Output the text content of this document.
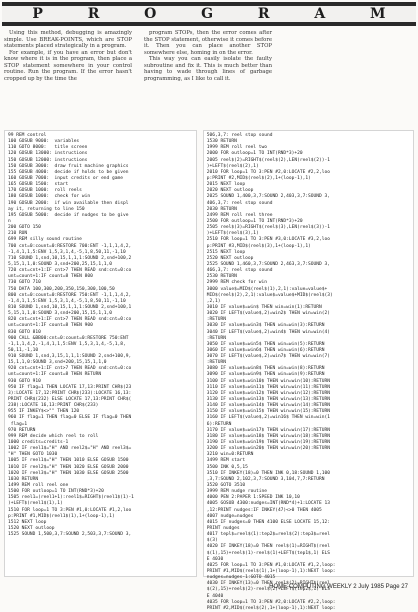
P	R	O	G	R	A	M

Using this method, debugging is amazingly simple. Use BREAK-POINTS, which are STOP statements placed strategically in a program.

For example, if you have an error but don't know where it is in the program, then place a STOP statement somewhere in your control routine. Run the program. If the error hasn't cropped up by the time the

program STOPs, then the error comes after the STOP statement, otherwise it comes before it. Then you can place another STOP somewhere else, homing in on the error.

This way you can easily isolate the faulty subroutine and fix it. This is much better than having to wade through lines of garbage programming, as I like to call it.

99 REM control
100 GOSUB 9000:  variables
110 GOTO 8000:   title screen
120 GOSUB 13000: instructions
150 GOSUB 12000: instructions
150 GOSUB 3000:  draw fruit machine graphics
155 GOSUB 4000:  decide if holds to be given
160 GOSUB 7000:  input credits or end game
165 GOSUB 1500:  start
170 GOSUB 1000:  roll reels
180 GOSUB 1000:  check for win
190 GOSUB 2000:  if win available then displ
ay it, returning to line 150
195 GOSUB 5000:  decide if nudges to be give
n
200 GOTO 150
210 RUN
699 REM silly sound routine
700 cnt=0:count=0:RESTORE 700:ENT -1,1,1,4,2,
-1,4,1,1,5:ENV 1,5,3,1,4,-5,1,8,50,11,-1,10
710 SOUND 1,snd,10,15,1,1,1:SOUND 2,snd+100,2
5,15,1,1,0:SOUND 3,snd+200,25,15,1,1,0
720 cnt=cnt+1:IF cnt>7 THEN READ snd:cnt=0:co
unt=count+1:IF count=8 THEN 800
730 GOTO 710
750 DATA 100,300,200,350,150,300,100,50
800 cnt=0:count=0:RESTORE 750:ENT -1,1,1,4,2,
-1,4,1,1,5:ENV 1,5,3,1,4,-5,1,8,50,11,-1,10
810 SOUND 1,snd,10,15,1,1,1:SOUND 2,snd+100,1
5,15,1,1,0:SOUND 3,snd+200,15,15,1,1,0
820 cnt=cnt+1:IF cnt>7 THEN READ snd:cnt=0:co
unt=count+1:IF count=8 THEN 900
830 GOTO 810
900 CALL &BB00:cnt=0:count=0:RESTORE 750:ENT
-1,1,1,4,2,-1,4,1,1,5:ENV 1,5,3,1,4,-5,1,8,
50,11,-1,10
910 SOUND 1,snd,3,15,1,1,1:SOUND 2,snd+100,9,
15,1,1,0:SOUND 3,snd+200,15,15,1,1,0
920 cnt=cnt+1:IF cnt>7 THEN READ snd:cnt=0:co
unt=count+1:IF count=8 THEN RETURN
930 GOTO 910
950 IF flag=1 THEN LOCATE 17,13:PRINT CHR$(23
3):LOCATE 17,12:PRINT CHR$(233):LOCATE 16,13:
PRINT CHR$(232) ELSE LOCATE 17,13:PRINT CHR$(
238):LOCATE 16,13:PRINT CHR$(233)
955 IF INKEY$<>"" THEN 120
960 IF flag=1 THEN flag=0 ELSE IF flag=0 THEN
flag=1
970 RETURN
999 REM decide which reel to roll
1000 credits=credits-1
1002 IF reel1$="H" AND reel2$="H" AND reel3$=
"H" THEN GOTO 1030
1005 IF reel1$="H" THEN 1010 ELSE GOSUB 1500
1010 IF reel2$="H" THEN 1020 ELSE GOSUB 2000
1020 IF reel3$="H" THEN 1030 ELSE GOSUB 2500
1030 RETURN
1499 REM roll reel one
1500 FOR outloop=1 TO INT(RND*3)+20
1505 reel1=(reel1+1):reel1$=RIGHT$(reel1$(1)-1
)+LEFT$(reel1$(1),1)
1510 FOR loop=1 TO 3:PEN #1,0:LOCATE #1,2,loo
p:PRINT #1,MID$(reel1$(1),1+(loop-1),1)
1512 NEXT loop
1520 NEXT outloop
1525 SOUND 1,500,3,7:SOUND 2,503,3,7:SOUND 3,
506,3,7: reel stop sound
1530 RETURN
1999 REM roll reel two
2000 FOR outloop=1 TO INT(RND*3)+20
2005 reel$(2)=RIGHT$(reel$(2),LEN(reel$(2))-1
)+LEFT$(reel$(2),1)
2010 FOR loop=1 TO 3:PEN #2,0:LOCATE #2,2,loo
p:PRINT #2,MID$(reel$(2),1+(loop-1),1)
2015 NEXT loop
2020 NEXT outloop
2025 SOUND 1,400,3,7:SOUND 2,403,3,7:SOUND 3,
406,3,7: reel stop sound
2030 RETURN
2499 REM roll reel three
2500 FOR outloop=1 TO INT(RND*3)+20
2505 reel$(3)=RIGHT$(reel$(3),LEN(reel$(3))-1
)+LEFT$(reel$(3),1)
2510 FOR loop=1 TO 3:PEN #3,0:LOCATE #3,2,loo
p:PRINT #3,MID$(reel$(3),1+(loop-1),1)
2515 NEXT loop
2520 NEXT outloop
2525 SOUND 1,460,3,7:SOUND 2,463,3,7:SOUND 3,
466,3,7: reel stop sound
2530 RETURN
2999 REM check for win
3000 value$=MID$(reel$(1),2,1):value=value$+
MID$(reel$(2),2,1):value$=value$+MID$(reel$(3)
,2,1)
3010 IF value$=win$ THEN win=win(1):RETURN
3020 IF LEFT$(value$,2)=win2$ THEN win=win(2)
:RETURN
3030 IF value$=win3$ THEN win=win(3):RETURN
3040 IF LEFT$(value$,2)=win4$ THEN win=win(4)
:RETURN
3050 IF value$=win5$ THEN win=win(5):RETURN
3060 IF value$=win6$ THEN win=win(6):RETURN
3070 IF LEFT$(value$,2)=win7$ THEN win=win(7)
:RETURN
3080 IF value$=win8$ THEN win=win(8):RETURN
3090 IF value$=win9$ THEN win=win(9):RETURN
3100 IF value$=win10$ THEN win=win(10):RETURN
3110 IF value$=win11$ THEN win=win(11):RETURN
3120 IF value$=win12$ THEN win=win(12):RETURN
3130 IF value$=win13$ THEN win=win(13):RETURN
3140 IF value$=win14$ THEN win=win(14):RETURN
3150 IF value$=win15$ THEN win=win(15):RETURN
3160 IF LEFT$(value$,2)=win16$ THEN win=win(1
6):RETURN
3170 IF value$=win17$ THEN win=win(17):RETURN
3180 IF value$=win18$ THEN win=win(18):RETURN
3190 IF value$=win19$ THEN win=win(19):RETURN
3200 IF value$=win20$ THEN win=win(20):RETURN
3210 win=0:RETURN
3499 REM start
3500 INK 0,5,15
3510 IF INKEY(18)=0 THEN INK 0,18:SOUND 1,100
,3,7:SOUND 2,102,3,7:SOUND 3,104,7,7:RETURN
3520 GOTO 3510
3999 REM nudge routine
4000 PEN 2:PAPER 1:SPEED INK 10,10
4005 GOSUB 4300:nudges=INT(RND*4)+1:LOCATE 13
,12:PRINT nudges:IF INKEY(47)<>0 THEN 4005
4007 nudge=nudges
4015 IF nudges=0 THEN 4100 ELSE LOCATE 15,12:
PRINT nudges
4017 tepl$=reel$(1):tep2$=reel$(2):tep3$=reel
$(3)
4020 IF INKEY(18)=0 THEN reel$(1)=RIGHT$(reel
$(1),15)+reel$(1)-reel$(1)+LEFT$(tep1$,1) ELS
E 4030
4025 FOR loop=1 TO 3:PEN #1,0:LOCATE #1,2,loop:
PRINT #1,MID$(reel$(1),1+(loop-1),1):NEXT loop:
nudges=nudges-1:GOTO 4015
4030 IF INKEY(13)=0 THEN reel$(2)=RIGHT$(reel
$(2),15)+reel$(2)-reel$(2)+LEFT$(tep2$,1) ELS
E 4040
4035 FOR loop=1 TO 3:PEN #2,0:LOCATE #2,2,loop:
PRINT #2,MID$(reel$(2),1+(loop-1),1):NEXT loop:
HOME COMPUTING WEEKLY 2 July 1985 Page 27
